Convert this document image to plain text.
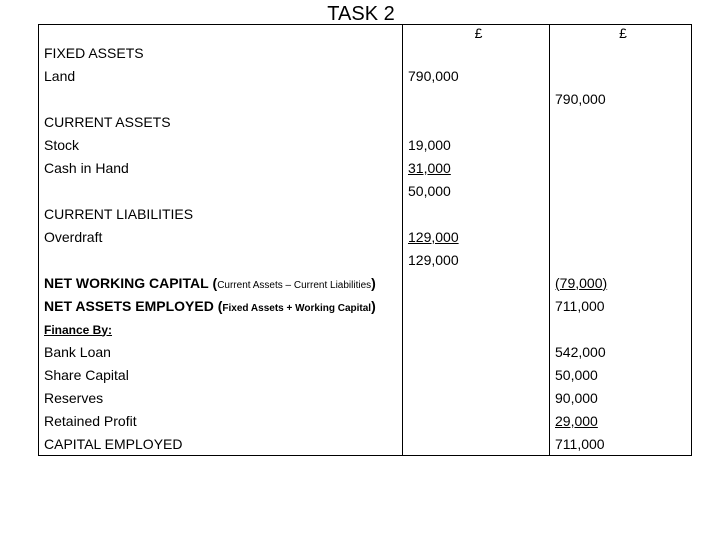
TASK 2
	£	£
FIXED ASSETS		
Land	790,000	
		790,000
CURRENT ASSETS		
Stock	19,000	
Cash in Hand	31,000	
	50,000	
CURRENT LIABILITIES		
Overdraft	129,000	
	129,000	
NET WORKING CAPITAL (Current Assets – Current Liabilities)		(79,000)
NET ASSETS EMPLOYED (Fixed Assets + Working Capital)		711,000
Finance By:		
Bank Loan		542,000
Share Capital		50,000
Reserves		90,000
Retained Profit		29,000
CAPITAL EMPLOYED		711,000
